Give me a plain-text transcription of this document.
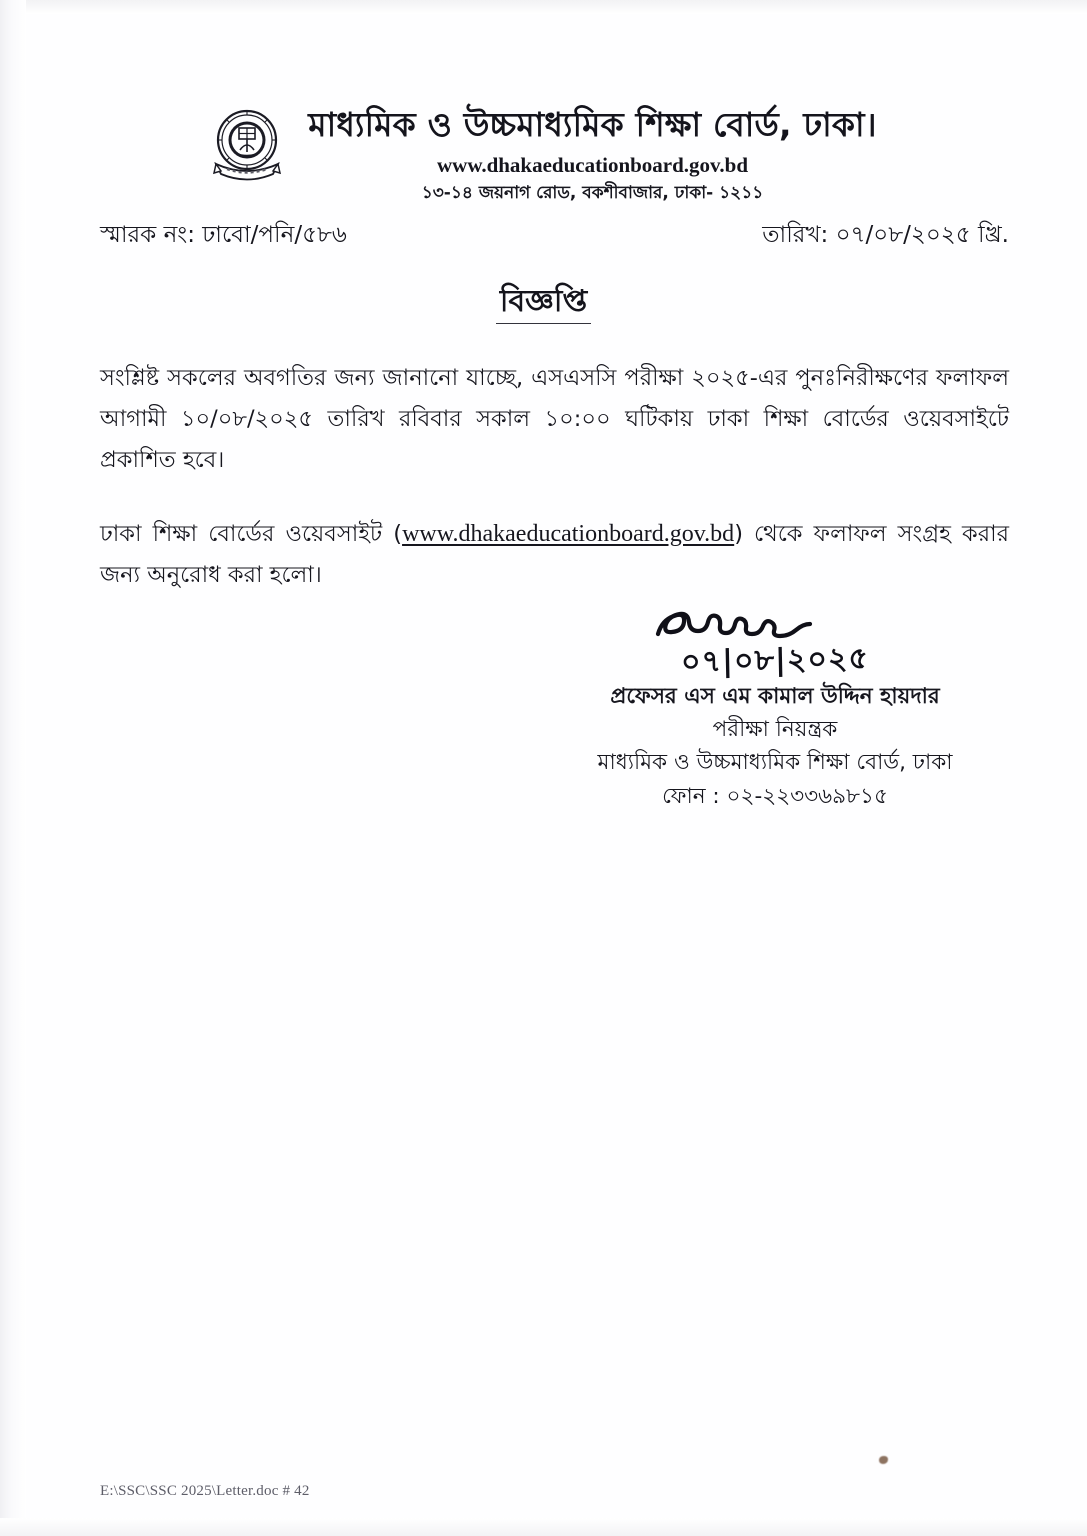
মাধ্যমিক ও উচ্চমাধ্যমিক শিক্ষা বোর্ড, ঢাকা।
www.dhakaeducationboard.gov.bd
১৩-১৪ জয়নাগ রোড, বকশীবাজার, ঢাকা- ১২১১
স্মারক নং: ঢাবো/পনি/৫৮৬	তারিখ: ০৭/০৮/২০২৫ খ্রি.
বিজ্ঞপ্তি

সংশ্লিষ্ট সকলের অবগতির জন্য জানানো যাচ্ছে, এসএসসি পরীক্ষা ২০২৫-এর পুনঃনিরীক্ষণের ফলাফল আগামী ১০/০৮/২০২৫ তারিখ রবিবার সকাল ১০:০০ ঘটিকায় ঢাকা শিক্ষা বোর্ডের ওয়েবসাইটে প্রকাশিত হবে।

ঢাকা শিক্ষা বোর্ডের ওয়েবসাইট (www.dhakaeducationboard.gov.bd) থেকে ফলাফল সংগ্রহ করার জন্য অনুরোধ করা হলো।

০৭|০৮|২০২৫
প্রফেসর এস এম কামাল উদ্দিন হায়দার
পরীক্ষা নিয়ন্ত্রক
মাধ্যমিক ও উচ্চমাধ্যমিক শিক্ষা বোর্ড, ঢাকা
ফোন : ০২-২২৩৩৬৯৮১৫
E:\SSC\SSC 2025\Letter.doc # 42
